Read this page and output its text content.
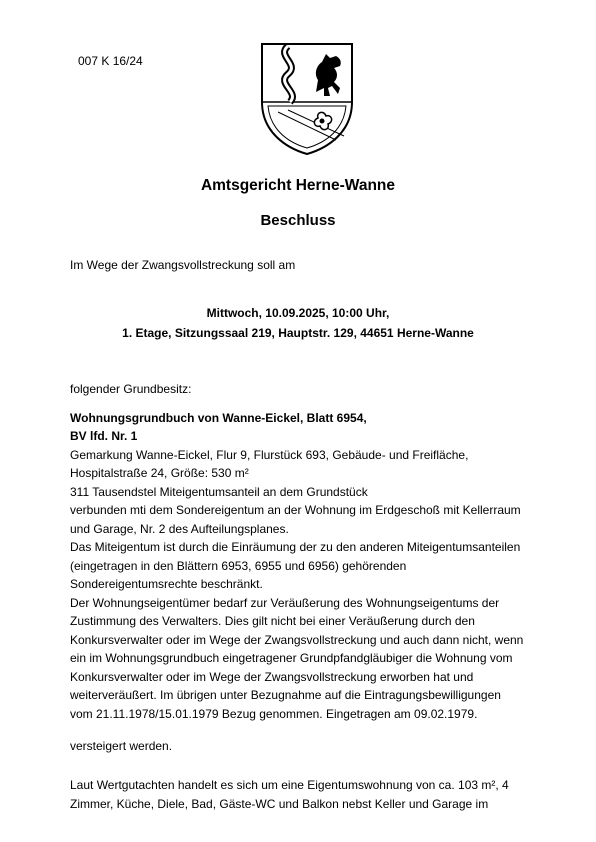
007 K 16/24
Amtsgericht Herne-Wanne
Beschluss
Im Wege der Zwangsvollstreckung soll am
Mittwoch, 10.09.2025, 10:00 Uhr,
1. Etage, Sitzungssaal 219, Hauptstr. 129, 44651 Herne-Wanne
folgender Grundbesitz:
Wohnungsgrundbuch von Wanne-Eickel, Blatt 6954,
BV lfd. Nr. 1
Gemarkung Wanne-Eickel, Flur 9, Flurstück 693, Gebäude- und Freifläche,
Hospitalstraße 24, Größe: 530 m²
311 Tausendstel Miteigentumsanteil an dem Grundstück
verbunden mti dem Sondereigentum an der Wohnung im Erdgeschoß mit Kellerraum
und Garage, Nr. 2 des Aufteilungsplanes.
Das Miteigentum ist durch die Einräumung der zu den anderen Miteigentumsanteilen
(eingetragen in den Blättern 6953, 6955 und 6956) gehörenden
Sondereigentumsrechte beschränkt.
Der Wohnungseigentümer bedarf zur Veräußerung des Wohnungseigentums der
Zustimmung des Verwalters. Dies gilt nicht bei einer Veräußerung durch den
Konkursverwalter oder im Wege der Zwangsvollstreckung und auch dann nicht, wenn
ein im Wohnungsgrundbuch eingetragener Grundpfandgläubiger die Wohnung vom
Konkursverwalter oder im Wege der Zwangsvollstreckung erworben hat und
weiterveräußert. Im übrigen unter Bezugnahme auf die Eintragungsbewilligungen
vom 21.11.1978/15.01.1979 Bezug genommen. Eingetragen am 09.02.1979.
versteigert werden.
Laut Wertgutachten handelt es sich um eine Eigentumswohnung von ca. 103 m², 4
Zimmer, Küche, Diele, Bad, Gäste-WC und Balkon nebst Keller und Garage im
